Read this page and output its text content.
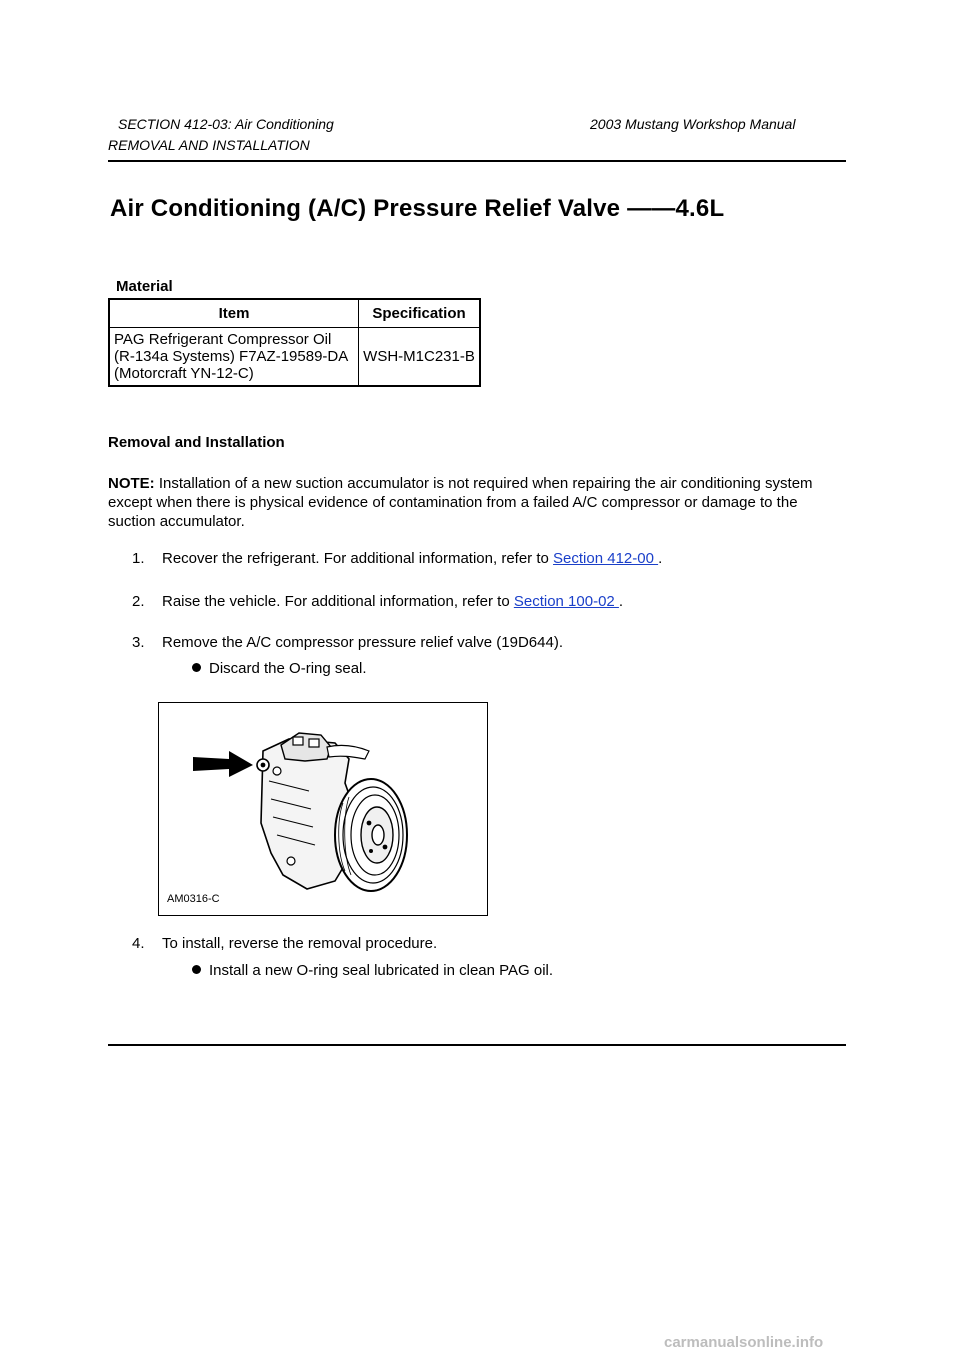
SECTION 412-03: Air Conditioning	2003 Mustang Workshop Manual
REMOVAL AND INSTALLATION
Air Conditioning (A/C) Pressure Relief Valve ——4.6L
Material
Item	Specification
PAG Refrigerant Compressor Oil (R-134a Systems) F7AZ-19589-DA (Motorcraft YN-12-C)	WSH-M1C231-B
Removal and Installation

NOTE: Installation of a new suction accumulator is not required when repairing the air conditioning system except when there is physical evidence of contamination from a failed A/C compressor or damage to the suction accumulator.

1. Recover the refrigerant. For additional information, refer to Section 412-00 .

2. Raise the vehicle. For additional information, refer to Section 100-02 .

3. Remove the A/C compressor pressure relief valve (19D644).

Discard the O-ring seal.

AM0316-C

4. To install, reverse the removal procedure.

Install a new O-ring seal lubricated in clean PAG oil.

carmanualsonline.info
